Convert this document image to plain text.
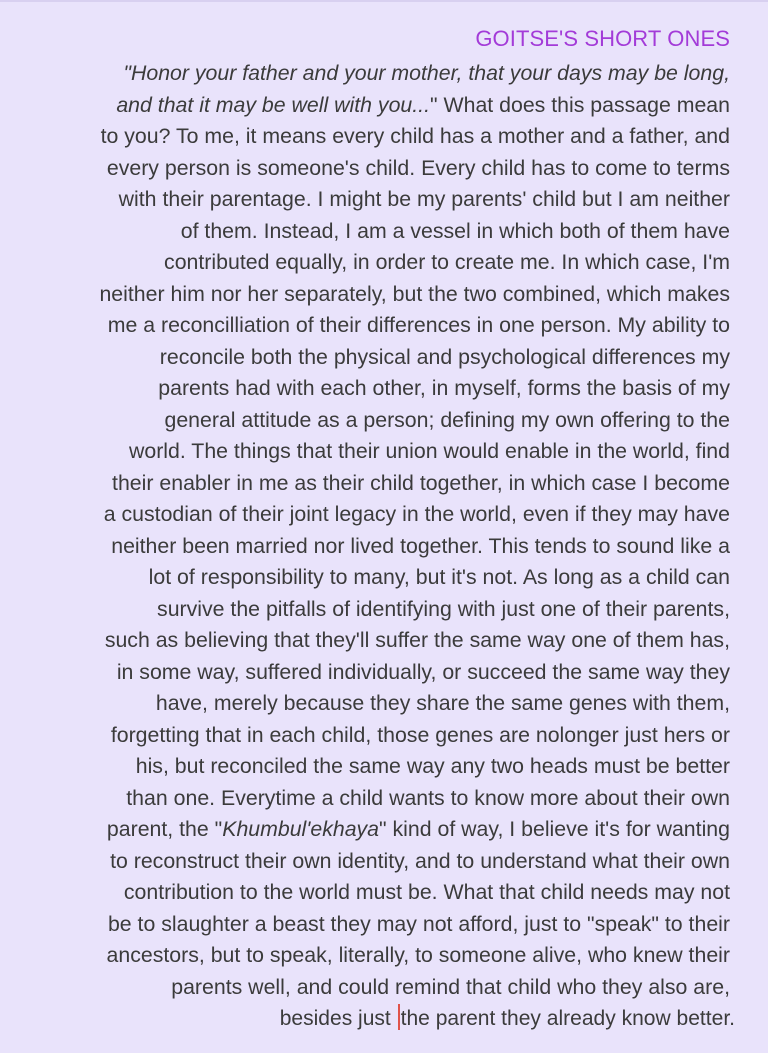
GOITSE'S SHORT ONES
"Honor your father and your mother, that your days may be long,
and that it may be well with you..." What does this passage mean
to you? To me, it means every child has a mother and a father, and
every person is someone's child. Every child has to come to terms
with their parentage. I might be my parents' child but I am neither
of them. Instead, I am a vessel in which both of them have
contributed equally, in order to create me. In which case, I'm
neither him nor her separately, but the two combined, which makes
me a reconcilliation of their differences in one person. My ability to
reconcile both the physical and psychological differences my
parents had with each other, in myself, forms the basis of my
general attitude as a person; defining my own offering to the
world. The things that their union would enable in the world, find
their enabler in me as their child together, in which case I become
a custodian of their joint legacy in the world, even if they may have
neither been married nor lived together. This tends to sound like a
lot of responsibility to many, but it's not. As long as a child can
survive the pitfalls of identifying with just one of their parents,
such as believing that they'll suffer the same way one of them has,
in some way, suffered individually, or succeed the same way they
have, merely because they share the same genes with them,
forgetting that in each child, those genes are nolonger just hers or
his, but reconciled the same way any two heads must be better
than one. Everytime a child wants to know more about their own
parent, the "Khumbul'ekhaya" kind of way, I believe it's for wanting
to reconstruct their own identity, and to understand what their own
contribution to the world must be. What that child needs may not
be to slaughter a beast they may not afford, just to "speak" to their
ancestors, but to speak, literally, to someone alive, who knew their
parents well, and could remind that child who they also are,
besides just the parent they already know better.
